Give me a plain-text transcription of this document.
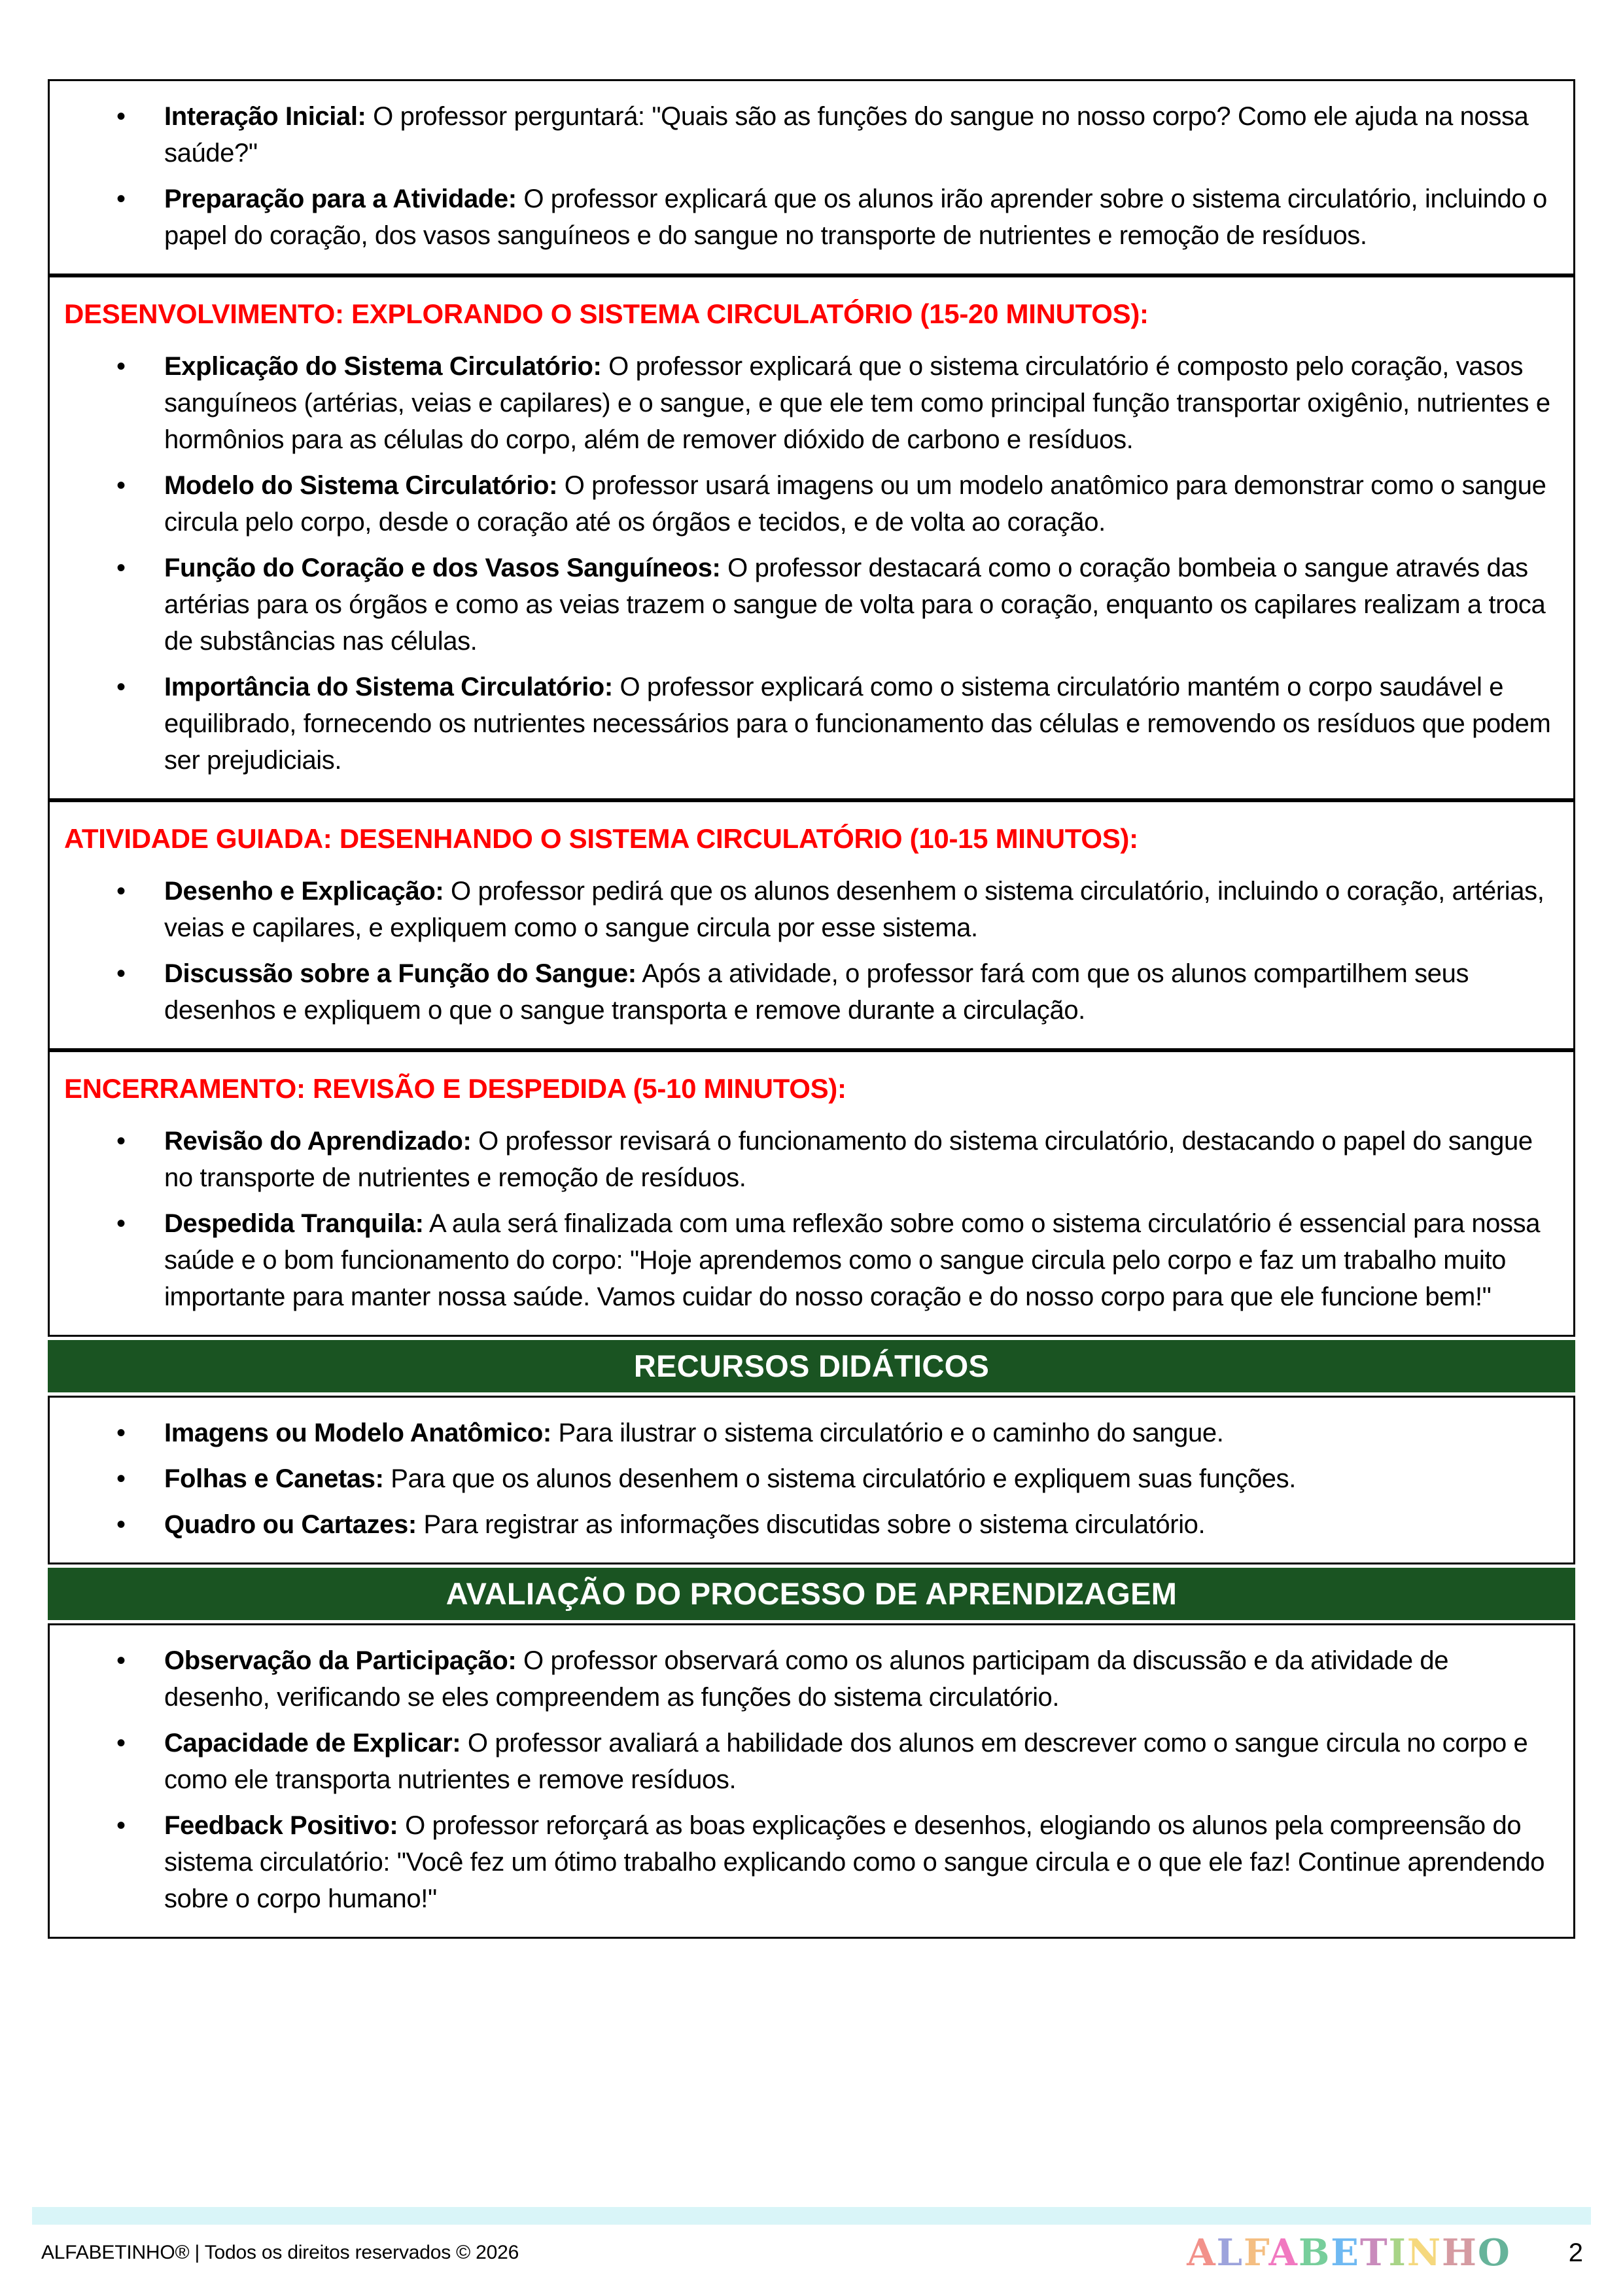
• Interação Inicial: O professor perguntará: "Quais são as funções do sangue no nosso corpo? Como ele ajuda na nossa saúde?"
• Preparação para a Atividade: O professor explicará que os alunos irão aprender sobre o sistema circulatório, incluindo o papel do coração, dos vasos sanguíneos e do sangue no transporte de nutrientes e remoção de resíduos.
DESENVOLVIMENTO: EXPLORANDO O SISTEMA CIRCULATÓRIO (15-20 MINUTOS):
• Explicação do Sistema Circulatório: O professor explicará que o sistema circulatório é composto pelo coração, vasos sanguíneos (artérias, veias e capilares) e o sangue, e que ele tem como principal função transportar oxigênio, nutrientes e hormônios para as células do corpo, além de remover dióxido de carbono e resíduos.
• Modelo do Sistema Circulatório: O professor usará imagens ou um modelo anatômico para demonstrar como o sangue circula pelo corpo, desde o coração até os órgãos e tecidos, e de volta ao coração.
• Função do Coração e dos Vasos Sanguíneos: O professor destacará como o coração bombeia o sangue através das artérias para os órgãos e como as veias trazem o sangue de volta para o coração, enquanto os capilares realizam a troca de substâncias nas células.
• Importância do Sistema Circulatório: O professor explicará como o sistema circulatório mantém o corpo saudável e equilibrado, fornecendo os nutrientes necessários para o funcionamento das células e removendo os resíduos que podem ser prejudiciais.
ATIVIDADE GUIADA: DESENHANDO O SISTEMA CIRCULATÓRIO (10-15 MINUTOS):
• Desenho e Explicação: O professor pedirá que os alunos desenhem o sistema circulatório, incluindo o coração, artérias, veias e capilares, e expliquem como o sangue circula por esse sistema.
• Discussão sobre a Função do Sangue: Após a atividade, o professor fará com que os alunos compartilhem seus desenhos e expliquem o que o sangue transporta e remove durante a circulação.
ENCERRAMENTO: REVISÃO E DESPEDIDA (5-10 MINUTOS):
• Revisão do Aprendizado: O professor revisará o funcionamento do sistema circulatório, destacando o papel do sangue no transporte de nutrientes e remoção de resíduos.
• Despedida Tranquila: A aula será finalizada com uma reflexão sobre como o sistema circulatório é essencial para nossa saúde e o bom funcionamento do corpo: "Hoje aprendemos como o sangue circula pelo corpo e faz um trabalho muito importante para manter nossa saúde. Vamos cuidar do nosso coração e do nosso corpo para que ele funcione bem!"
RECURSOS DIDÁTICOS
• Imagens ou Modelo Anatômico: Para ilustrar o sistema circulatório e o caminho do sangue.
• Folhas e Canetas: Para que os alunos desenhem o sistema circulatório e expliquem suas funções.
• Quadro ou Cartazes: Para registrar as informações discutidas sobre o sistema circulatório.
AVALIAÇÃO DO PROCESSO DE APRENDIZAGEM
• Observação da Participação: O professor observará como os alunos participam da discussão e da atividade de desenho, verificando se eles compreendem as funções do sistema circulatório.
• Capacidade de Explicar: O professor avaliará a habilidade dos alunos em descrever como o sangue circula no corpo e como ele transporta nutrientes e remove resíduos.
• Feedback Positivo: O professor reforçará as boas explicações e desenhos, elogiando os alunos pela compreensão do sistema circulatório: "Você fez um ótimo trabalho explicando como o sangue circula e o que ele faz! Continue aprendendo sobre o corpo humano!"
ALFABETINHO® | Todos os direitos reservados © 2026	ALFABETINHO 2
